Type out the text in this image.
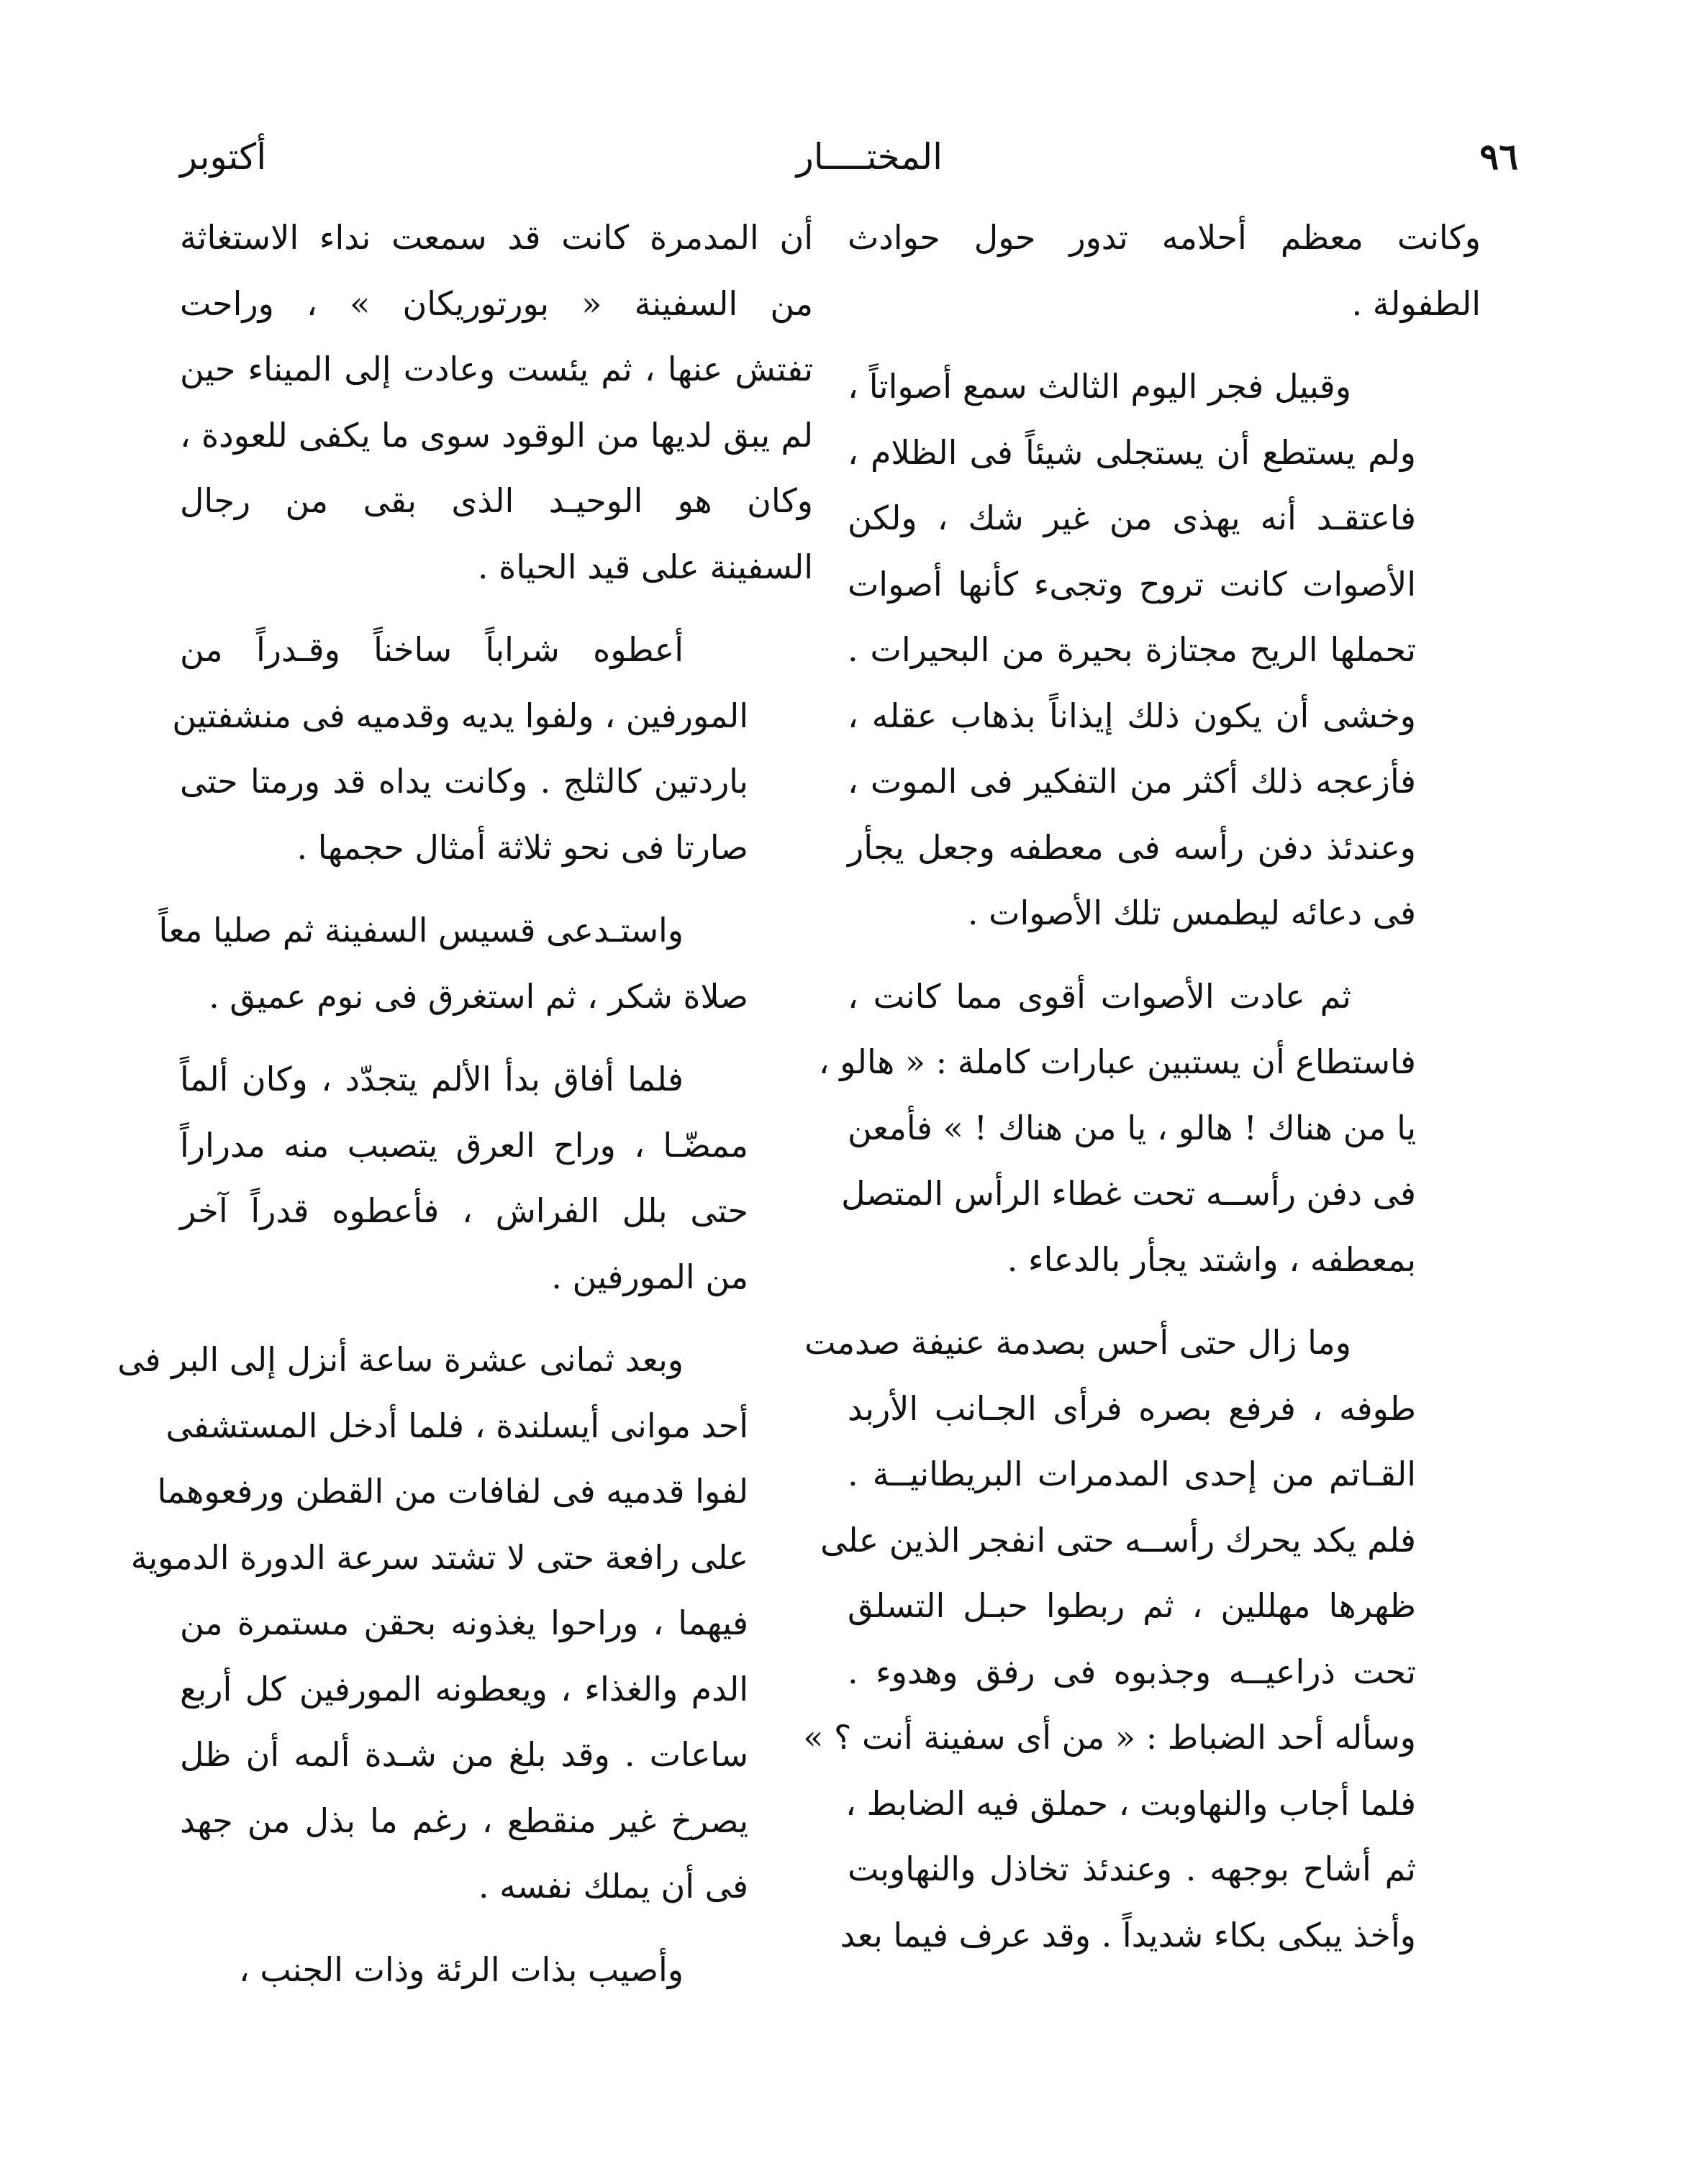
٩٦
المختــــار
أكتوبر
وكانت معظم أحلامه تدور حول حوادث
الطفولة .
وقبيل فجر اليوم الثالث سمع أصواتاً ،
ولم يستطع أن يستجلى شيئاً فى الظلام ،
فاعتقـد أنه يهذى من غير شك ، ولكن
الأصوات كانت تروح وتجىء كأنها أصوات
تحملها الريح مجتازة بحيرة من البحيرات .
وخشى أن يكون ذلك إيذاناً بذهاب عقله ،
فأزعجه ذلك أكثر من التفكير فى الموت ،
وعندئذ دفن رأسه فى معطفه وجعل يجأر
فى دعائه ليطمس تلك الأصوات .
ثم عادت الأصوات أقوى مما كانت ،
فاستطاع أن يستبين عبارات كاملة : « هالو ،
يا من هناك ! هالو ، يا من هناك ! » فأمعن
فى دفن رأســه تحت غطاء الرأس المتصل
بمعطفه ، واشتد يجأر بالدعاء .
وما زال حتى أحس بصدمة عنيفة صدمت
طوفه ، فرفع بصره فرأى الجـانب الأربد
القـاتم من إحدى المدمرات البريطانيــة .
فلم يكد يحرك رأســه حتى انفجر الذين على
ظهرها مهللين ، ثم ربطوا حبـل التسلق
تحت ذراعيــه وجذبوه فى رفق وهدوء .
وسأله أحد الضباط : « من أى سفينة أنت ؟ »
فلما أجاب والنهاوبت ، حملق فيه الضابط ،
ثم أشاح بوجهه . وعندئذ تخاذل والنهاوبت
وأخذ يبكى بكاء شديداً . وقد عرف فيما بعد
أن المدمرة كانت قد سمعت نداء الاستغاثة
من السفينة « بورتوريكان » ، وراحت
تفتش عنها ، ثم يئست وعادت إلى الميناء حين
لم يبق لديها من الوقود سوى ما يكفى للعودة ،
وكان هو الوحيـد الذى بقى من رجال
السفينة على قيد الحياة .
أعطوه شراباً ساخناً وقـدراً من
المورفين ، ولفوا يديه وقدميه فى منشفتين
باردتين كالثلج . وكانت يداه قد ورمتا حتى
صارتا فى نحو ثلاثة أمثال حجمها .
واستـدعى قسيس السفينة ثم صليا معاً
صلاة شكر ، ثم استغرق فى نوم عميق .
فلما أفاق بدأ الألم يتجدّد ، وكان ألماً
ممضّـا ، وراح العرق يتصبب منه مدراراً
حتى بلل الفراش ، فأعطوه قدراً آخر
من المورفين .
وبعد ثمانى عشرة ساعة أنزل إلى البر فى
أحد موانى أيسلندة ، فلما أدخل المستشفى
لفوا قدميه فى لفافات من القطن ورفعوهما
على رافعة حتى لا تشتد سرعة الدورة الدموية
فيهما ، وراحوا يغذونه بحقن مستمرة من
الدم والغذاء ، ويعطونه المورفين كل أربع
ساعات . وقد بلغ من شـدة ألمه أن ظل
يصرخ غير منقطع ، رغم ما بذل من جهد
فى أن يملك نفسه .
وأصيب بذات الرئة وذات الجنب ،
